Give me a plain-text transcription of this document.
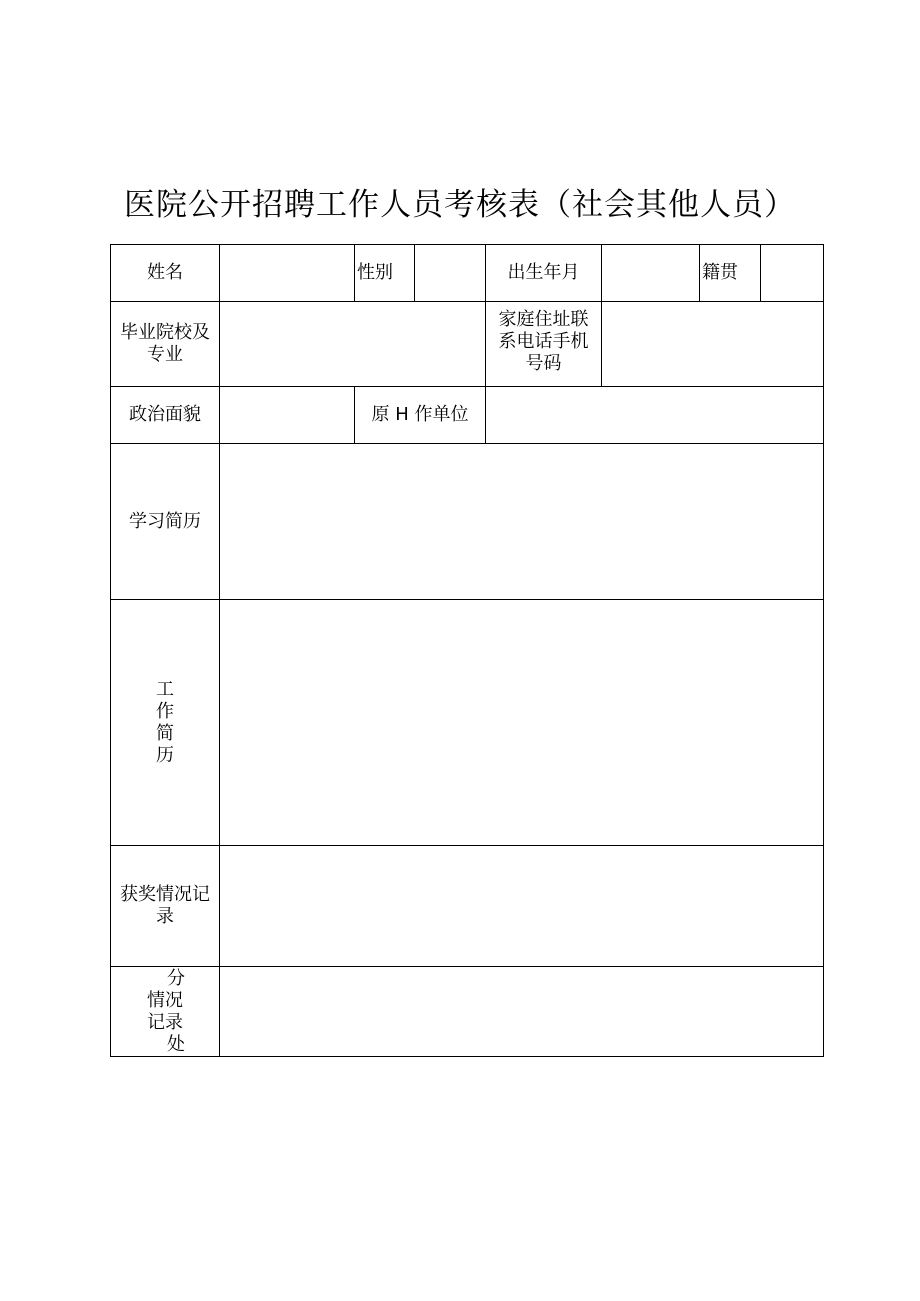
医院公开招聘工作人员考核表（社会其他人员）
姓名		性别		出生年月		籍贯	

毕业院校及
专业				家庭住址联
系电话手机
号码			

政治面貌		原 H 作单位					
学习简历							

工
作
简
历							

获奖情况记
录							

分
情况
记录
处							
